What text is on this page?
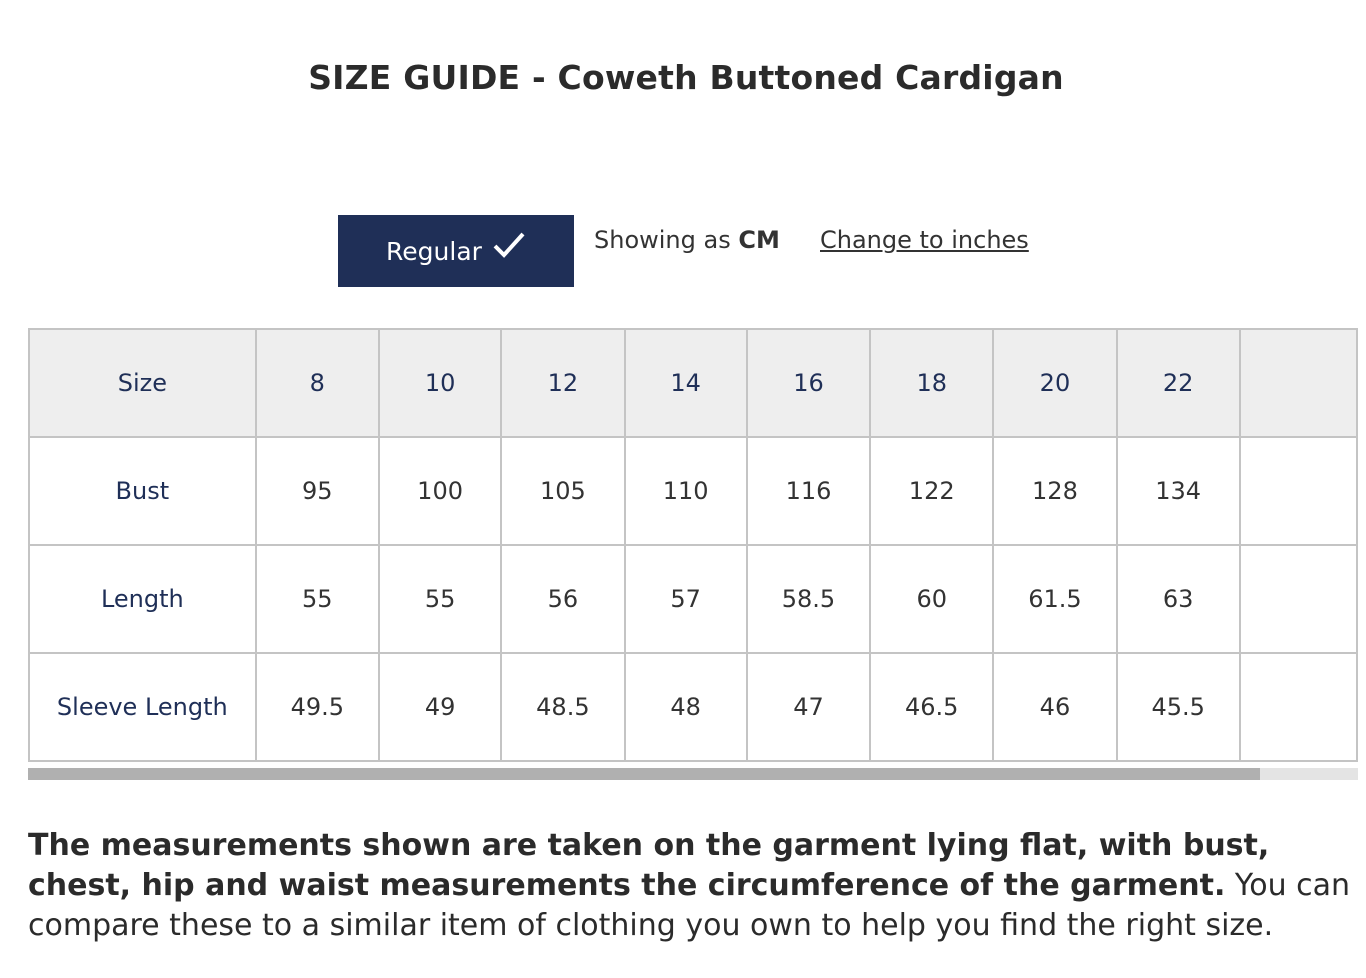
SIZE GUIDE - Coweth Buttoned Cardigan
Regular	Showing as CM Change to inches
Size	8	10	12	14	16	18	20	22	
Bust	95	100	105	110	116	122	128	134	
Length	55	55	56	57	58.5	60	61.5	63	
Sleeve Length	49.5	49	48.5	48	47	46.5	46	45.5	
The measurements shown are taken on the garment lying flat, with bust, chest, hip and waist measurements the circumference of the garment. You can compare these to a similar item of clothing you own to help you find the right size.
